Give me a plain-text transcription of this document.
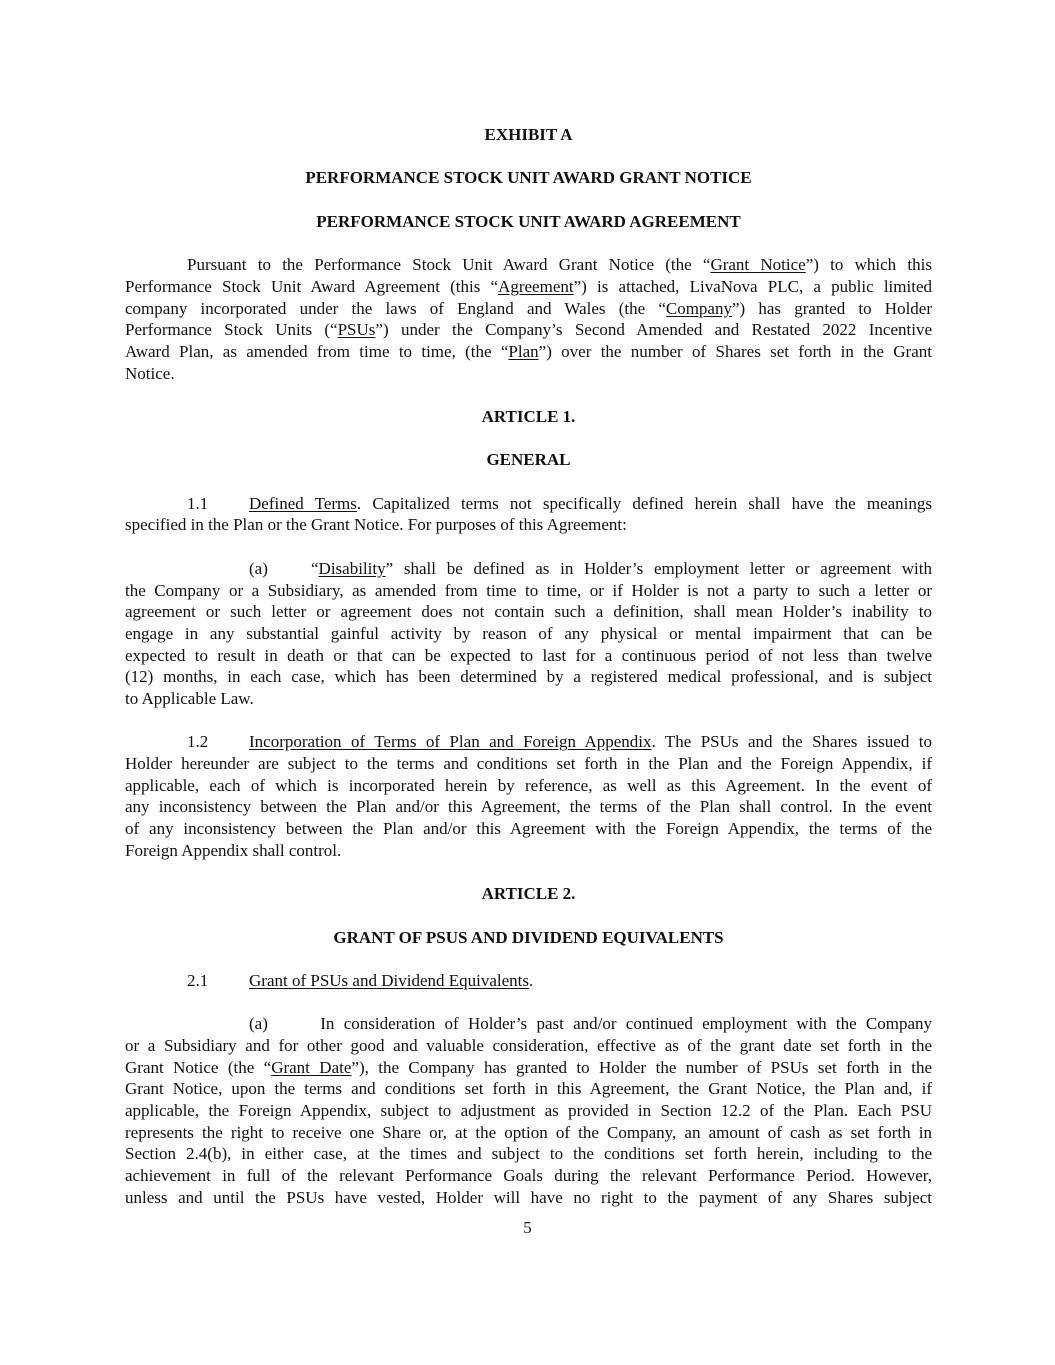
EXHIBIT A
PERFORMANCE STOCK UNIT AWARD GRANT NOTICE
PERFORMANCE STOCK UNIT AWARD AGREEMENT
Pursuant to the Performance Stock Unit Award Grant Notice (the “Grant Notice”) to which this
Performance Stock Unit Award Agreement (this “Agreement”) is attached, LivaNova PLC, a public limited
company incorporated under the laws of England and Wales (the “Company”) has granted to Holder
Performance Stock Units (“PSUs”) under the Company’s Second Amended and Restated 2022 Incentive
Award Plan, as amended from time to time, (the “Plan”) over the number of Shares set forth in the Grant
Notice.
ARTICLE 1.
GENERAL
1.1 Defined Terms. Capitalized terms not specifically defined herein shall have the meanings
specified in the Plan or the Grant Notice. For purposes of this Agreement:
(a)	“Disability” shall be defined as in Holder’s employment letter or agreement with
the Company or a Subsidiary, as amended from time to time, or if Holder is not a party to such a letter or
agreement or such letter or agreement does not contain such a definition, shall mean Holder’s inability to
engage in any substantial gainful activity by reason of any physical or mental impairment that can be
expected to result in death or that can be expected to last for a continuous period of not less than twelve
(12) months, in each case, which has been determined by a registered medical professional, and is subject
to Applicable Law.
1.2 Incorporation of Terms of Plan and Foreign Appendix. The PSUs and the Shares issued to
Holder hereunder are subject to the terms and conditions set forth in the Plan and the Foreign Appendix, if
applicable, each of which is incorporated herein by reference, as well as this Agreement. In the event of
any inconsistency between the Plan and/or this Agreement, the terms of the Plan shall control. In the event
of any inconsistency between the Plan and/or this Agreement with the Foreign Appendix, the terms of the
Foreign Appendix shall control.
ARTICLE 2.
GRANT OF PSUS AND DIVIDEND EQUIVALENTS
2.1 Grant of PSUs and Dividend Equivalents.
(a)	In consideration of Holder’s past and/or continued employment with the Company
or a Subsidiary and for other good and valuable consideration, effective as of the grant date set forth in the
Grant Notice (the “Grant Date”), the Company has granted to Holder the number of PSUs set forth in the
Grant Notice, upon the terms and conditions set forth in this Agreement, the Grant Notice, the Plan and, if
applicable, the Foreign Appendix, subject to adjustment as provided in Section 12.2 of the Plan. Each PSU
represents the right to receive one Share or, at the option of the Company, an amount of cash as set forth in
Section 2.4(b), in either case, at the times and subject to the conditions set forth herein, including to the
achievement in full of the relevant Performance Goals during the relevant Performance Period. However,
unless and until the PSUs have vested, Holder will have no right to the payment of any Shares subject
5
